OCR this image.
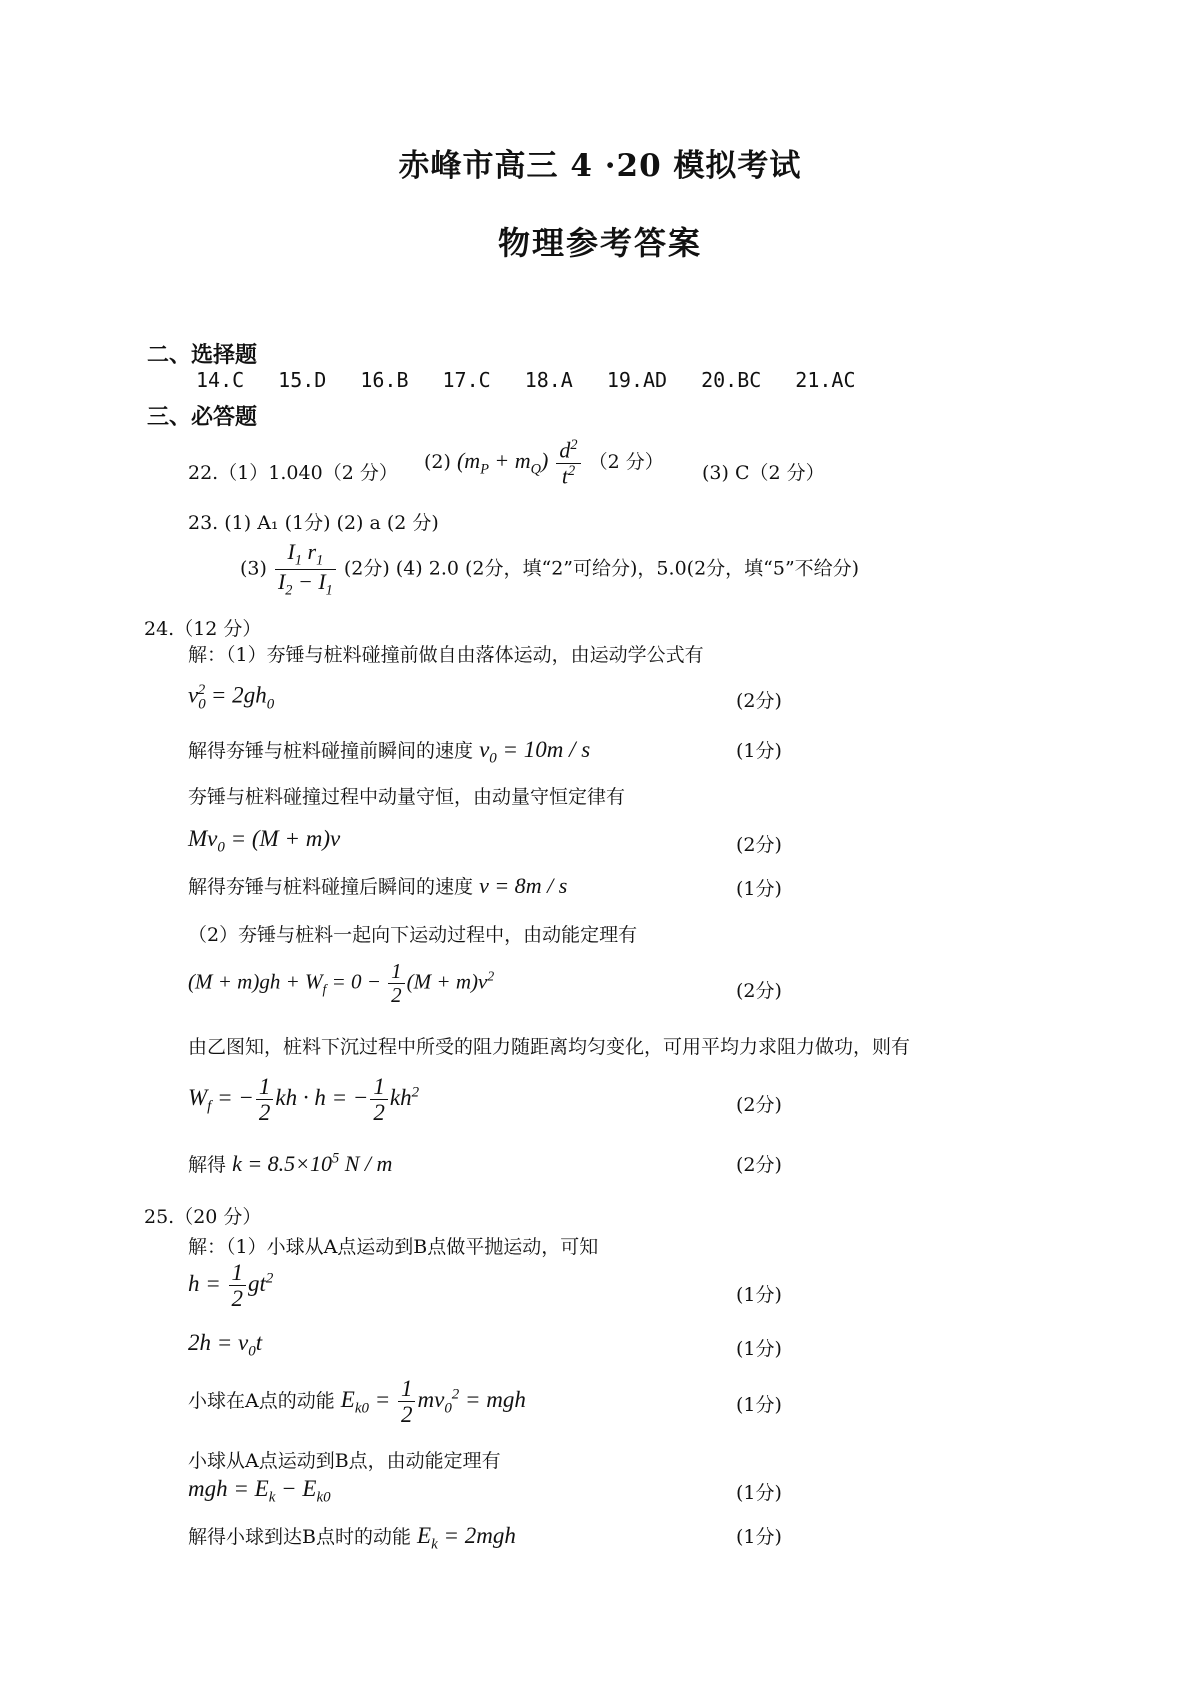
赤峰市高三 4 ·20 模拟考试
物理参考答案
二、选择题
14.C 15.D 16.B 17.C 18.A 19.AD 20.BC 21.AC
三、必答题
22.（1）1.040（2 分） (2) $(m_P + m_Q) \frac{d^2}{t^2} (2$ 分） (3) C（2 分）
23. (1) A₁ (1分) (2) a (2 分)
$(3) \frac{I_1 r_1}{I_2 - I_1} (2$分) (4) 2.0 (2分，填“2”可给分)，5.0(2分，填“5”不给分)
24.（12 分）
解：（1）夯锤与桩料碰撞前做自由落体运动，由运动学公式有
$v_0^2 = 2gh_0$	(2分)
解得夯锤与桩料碰撞前瞬间的速度 $v_0 = 10m / s$	(1分)
夯锤与桩料碰撞过程中动量守恒，由动量守恒定律有
$Mv_0 = (M + m)v$	(2分)
解得夯锤与桩料碰撞后瞬间的速度 v = 8m / s	(1分)
（2）夯锤与桩料一起向下运动过程中，由动能定理有
$(M + m)gh + W_f = 0 - \frac{1}{2} (M + m)v^2$
(2分)
由乙图知，桩料下沉过程中所受的阻力随距离均匀变化，可用平均力求阻力做功，则有
$W_f$ = − $\frac{1}{2}$ kh · h = − $\frac{1}{2} kh^2$
(2分)
解得 $k = 8.5\times 10^5$ N / m	(2分)
25.（20 分）
解：（1）小球从A点运动到B点做平抛运动，可知
$h = \frac{1}{2} gt^2$
(1分)
$2h = v_0t$	(1分)
小球在A点的动能 $E_{k0} = \frac{1}{2} mv_0^2$ = mgh	(1分)
小球从A点运动到B点，由动能定理有
mgh = $E_k - E_{k0}$	(1分)
解得小球到达B点时的动能 $E_k = 2mgh$	(1分)
